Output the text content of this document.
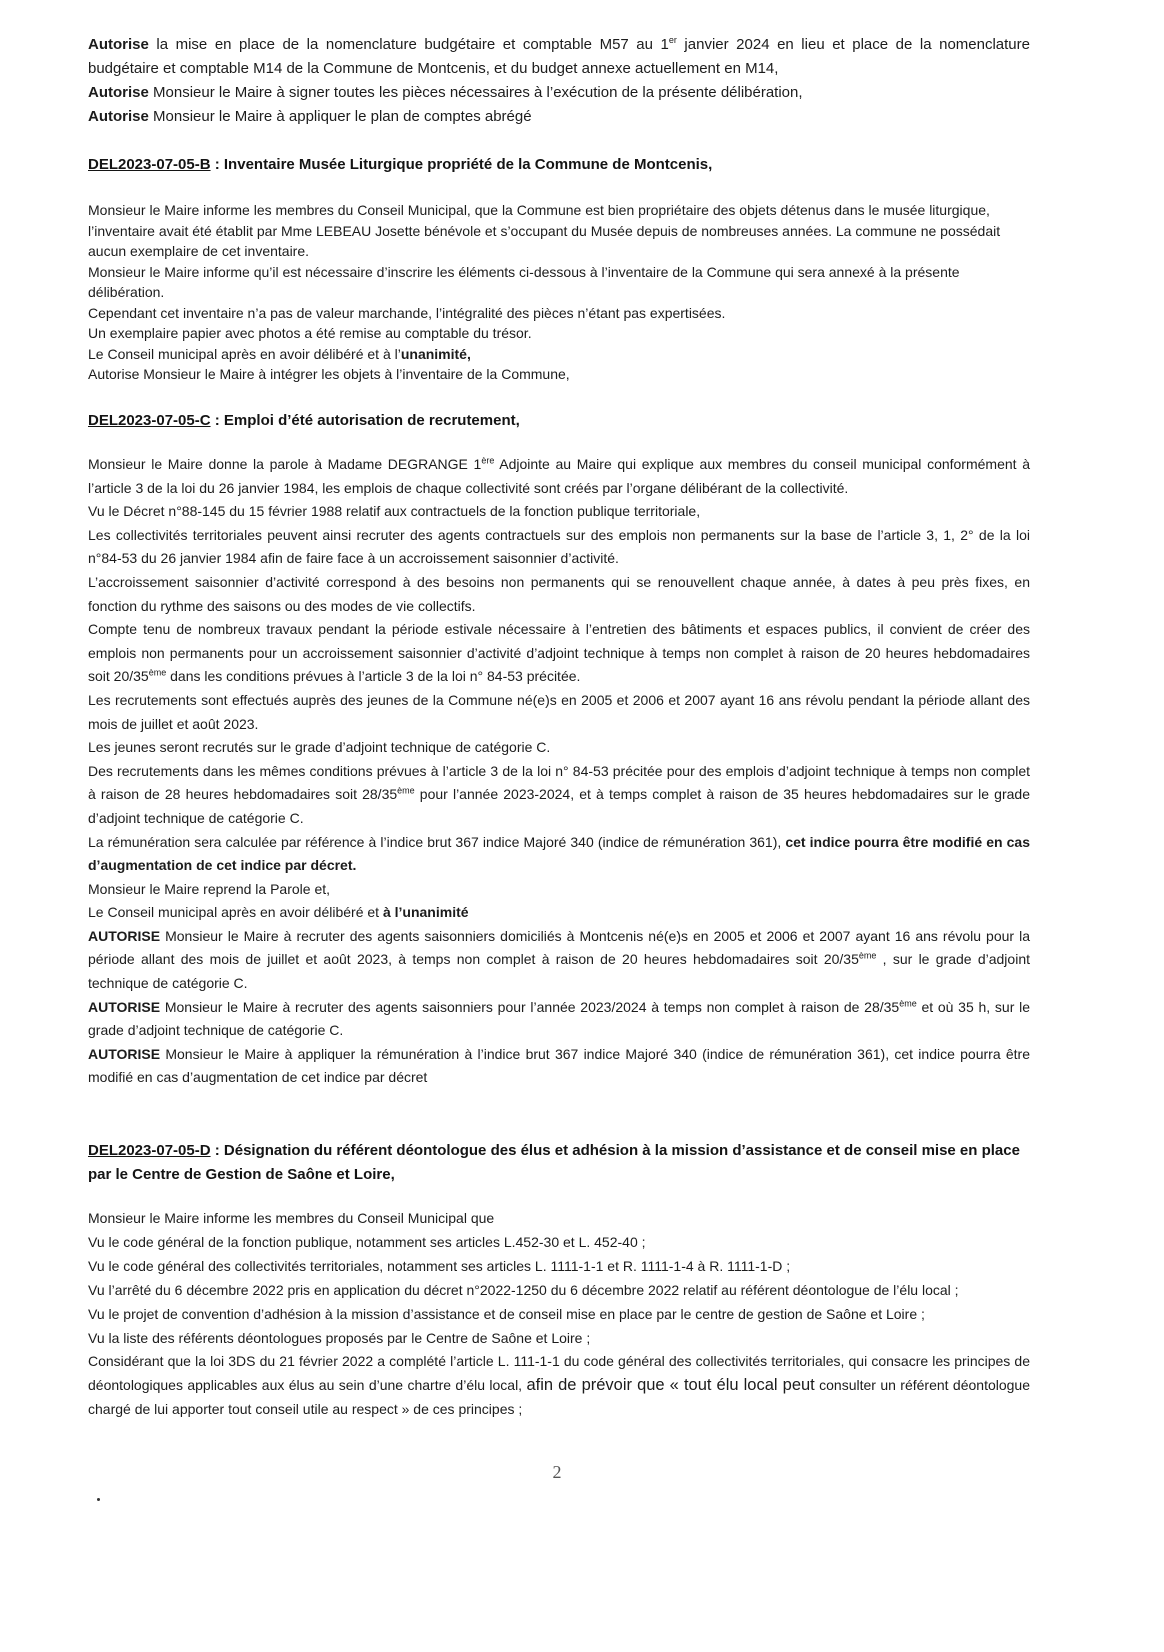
Autorise la mise en place de la nomenclature budgétaire et comptable M57 au 1er janvier 2024 en lieu et place de la nomenclature budgétaire et comptable M14 de la Commune de Montcenis, et du budget annexe actuellement en M14,
Autorise Monsieur le Maire à signer toutes les pièces nécessaires à l’exécution de la présente délibération,
Autorise Monsieur le Maire à appliquer le plan de comptes abrégé
DEL2023-07-05-B : Inventaire Musée Liturgique propriété de la Commune de Montcenis,
Monsieur le Maire informe les membres du Conseil Municipal, que la Commune est bien propriétaire des objets détenus dans le musée liturgique, l’inventaire avait été établit par Mme LEBEAU Josette bénévole et s’occupant du Musée depuis de nombreuses années. La commune ne possédait aucun exemplaire de cet inventaire.
Monsieur le Maire informe qu’il est nécessaire d’inscrire les éléments ci-dessous à l’inventaire de la Commune qui sera annexé à la présente délibération.
Cependant cet inventaire n’a pas de valeur marchande, l’intégralité des pièces n’étant pas expertisées.
Un exemplaire papier avec photos a été remise au comptable du trésor.
Le Conseil municipal après en avoir délibéré et à l’unanimité,
Autorise Monsieur le Maire à intégrer les objets à l’inventaire de la Commune,
DEL2023-07-05-C : Emploi d’été autorisation de recrutement,
Monsieur le Maire donne la parole à Madame DEGRANGE 1ère Adjointe au Maire qui explique aux membres du conseil municipal conformément à l’article 3 de la loi du 26 janvier 1984, les emplois de chaque collectivité sont créés par l’organe délibérant de la collectivité.
Vu le Décret n°88-145 du 15 février 1988 relatif aux contractuels de la fonction publique territoriale,
Les collectivités territoriales peuvent ainsi recruter des agents contractuels sur des emplois non permanents sur la base de l’article 3, 1, 2° de la loi n°84-53 du 26 janvier 1984 afin de faire face à un accroissement saisonnier d’activité.
L’accroissement saisonnier d’activité correspond à des besoins non permanents qui se renouvellent chaque année, à dates à peu près fixes, en fonction du rythme des saisons ou des modes de vie collectifs.
Compte tenu de nombreux travaux pendant la période estivale nécessaire à l’entretien des bâtiments et espaces publics, il convient de créer des emplois non permanents pour un accroissement saisonnier d’activité d’adjoint technique à temps non complet à raison de 20 heures hebdomadaires soit 20/35ème dans les conditions prévues à l’article 3 de la loi n° 84-53 précitée.
Les recrutements sont effectués auprès des jeunes de la Commune né(e)s en 2005 et 2006 et 2007 ayant 16 ans révolu pendant la période allant des mois de juillet et août 2023.
Les jeunes seront recrutés sur le grade d’adjoint technique de catégorie C.
Des recrutements dans les mêmes conditions prévues à l’article 3 de la loi n° 84-53 précitée pour des emplois d’adjoint technique à temps non complet à raison de 28 heures hebdomadaires soit 28/35ème pour l’année 2023-2024, et à temps complet à raison de 35 heures hebdomadaires sur le grade d’adjoint technique de catégorie C.
La rémunération sera calculée par référence à l’indice brut 367 indice Majoré 340 (indice de rémunération 361), cet indice pourra être modifié en cas d’augmentation de cet indice par décret.
Monsieur le Maire reprend la Parole et,
Le Conseil municipal après en avoir délibéré et à l’unanimité
AUTORISE Monsieur le Maire à recruter des agents saisonniers domiciliés à Montcenis né(e)s en 2005 et 2006 et 2007 ayant 16 ans révolu pour la période allant des mois de juillet et août 2023, à temps non complet à raison de 20 heures hebdomadaires soit 20/35ème , sur le grade d’adjoint technique de catégorie C.
AUTORISE Monsieur le Maire à recruter des agents saisonniers pour l’année 2023/2024 à temps non complet à raison de 28/35ème et où 35 h, sur le grade d’adjoint technique de catégorie C.
AUTORISE Monsieur le Maire à appliquer la rémunération à l’indice brut 367 indice Majoré 340 (indice de rémunération 361), cet indice pourra être modifié en cas d’augmentation de cet indice par décret
DEL2023-07-05-D : Désignation du référent déontologue des élus et adhésion à la mission d’assistance et de conseil mise en place par le Centre de Gestion de Saône et Loire,
Monsieur le Maire informe les membres du Conseil Municipal que
Vu le code général de la fonction publique, notamment ses articles L.452-30 et L. 452-40 ;
Vu le code général des collectivités territoriales, notamment ses articles L. 1111-1-1 et R. 1111-1-4 à R. 1111-1-D ;
Vu l’arrêté du 6 décembre 2022 pris en application du décret n°2022-1250 du 6 décembre 2022 relatif au référent déontologue de l’élu local ;
Vu le projet de convention d’adhésion à la mission d’assistance et de conseil mise en place par le centre de gestion de Saône et Loire ;
Vu la liste des référents déontologues proposés par le Centre de Saône et Loire ;
Considérant que la loi 3DS du 21 février 2022 a complété l’article L. 111-1-1 du code général des collectivités territoriales, qui consacre les principes de déontologiques applicables aux élus au sein d’une chartre d’élu local, afin de prévoir que « tout élu local peut consulter un référent déontologue chargé de lui apporter tout conseil utile au respect » de ces principes ;
2
